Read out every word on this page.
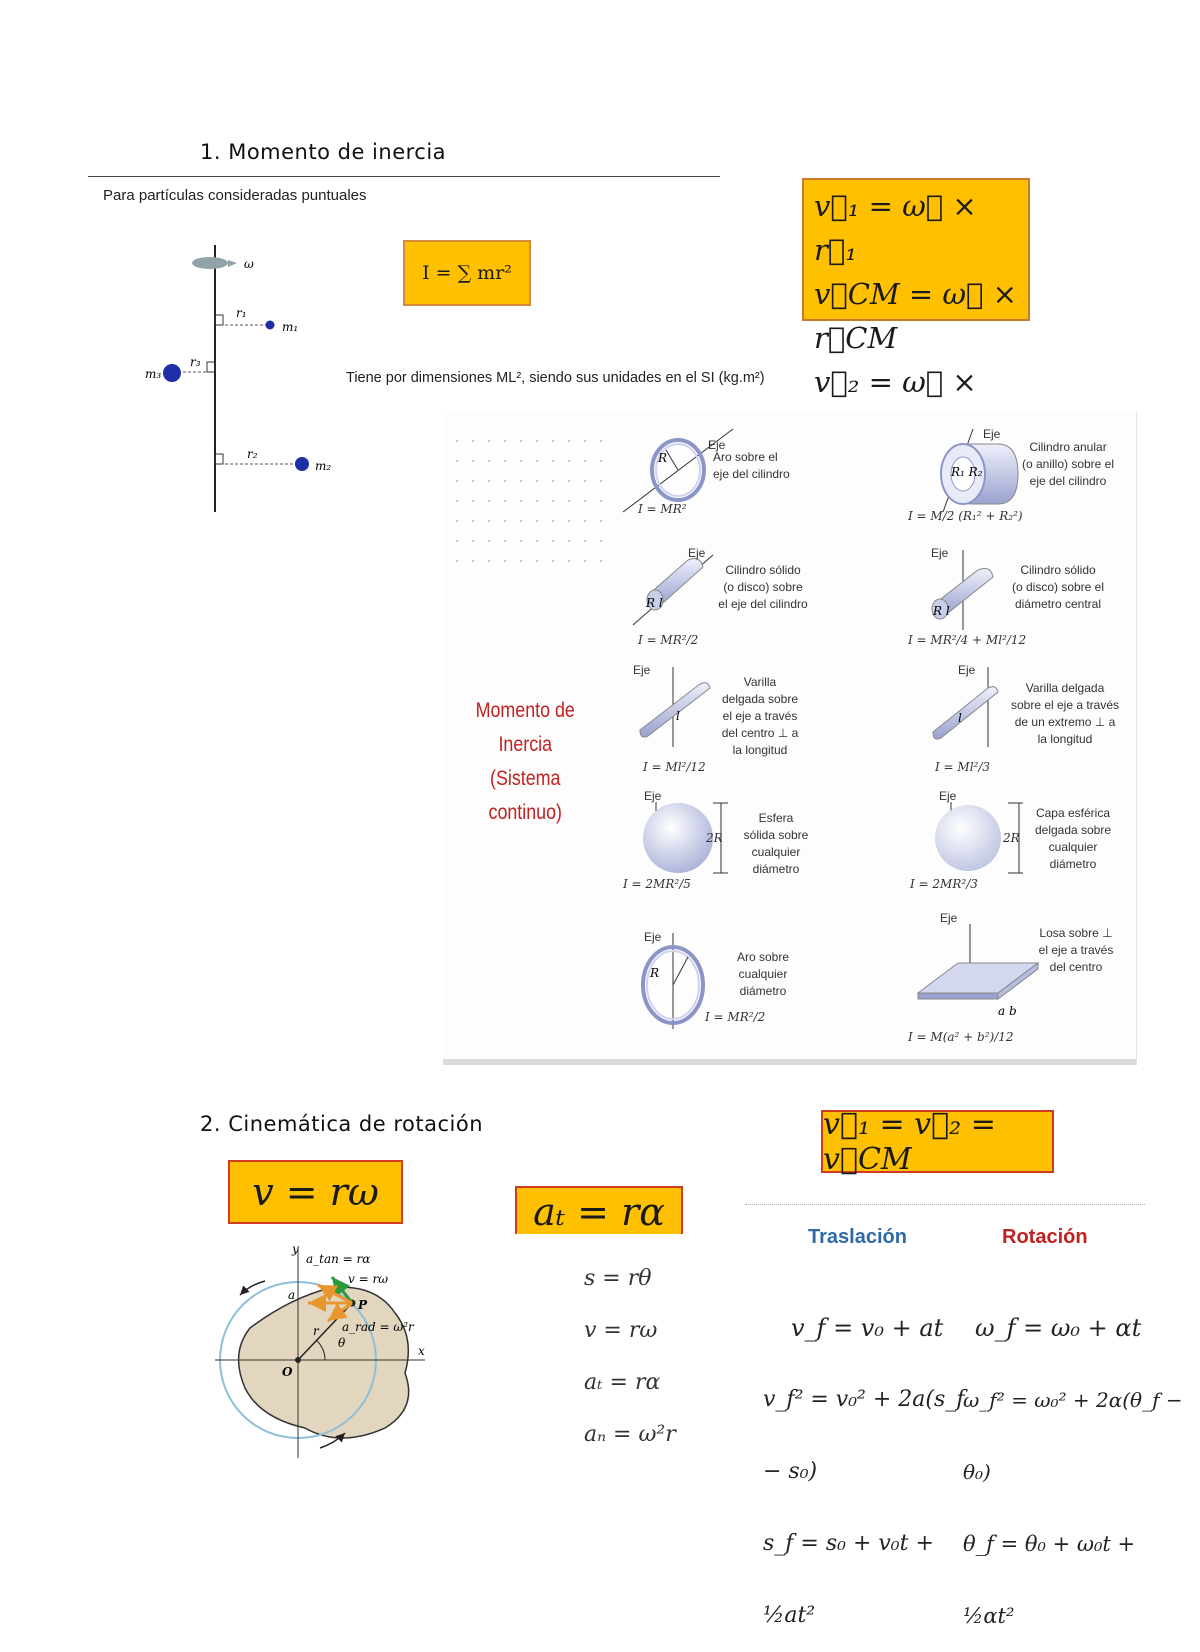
1. Momento de inercia
Para partículas consideradas puntuales
ω
r₁
m₁
r₃
m₃
r₂
m₂
I = ∑ mr²
Tiene por dimensiones ML², siendo sus unidades en el SI (kg.m²)
v⃗₁ = ω⃗ × r⃗₁
v⃗CM = ω⃗ × r⃗CM
v⃗₂ = ω⃗ ×
Momento de Inercia
(Sistema continuo)
R
Eje
Aro sobre el
eje del cilindro
I = MR²
R₁ R₂
Eje
Cilindro anular
(o anillo) sobre el
eje del cilindro
I = M/2 (R₁² + R₂²)
R l
Eje
Cilindro sólido
(o disco) sobre
el eje del cilindro
I = MR²/2
R l
Eje
Cilindro sólido
(o disco) sobre el
diámetro central
I = MR²/4 + Ml²/12
l
Eje
Varilla
delgada sobre
el eje a través
del centro ⊥ a
la longitud
I = Ml²/12
l
Eje
Varilla delgada
sobre el eje a través
de un extremo ⊥ a
la longitud
I = Ml²/3
Eje
2R
Esfera
sólida sobre
cualquier
diámetro
I = 2MR²/5
Eje
2R
Capa esférica
delgada sobre
cualquier
diámetro
I = 2MR²/3
Eje
R
Aro sobre
cualquier
diámetro
I = MR²/2
Eje
a b
Losa sobre ⊥
el eje a través
del centro
I = M(a² + b²)/12
2. Cinemática de rotación
v = rω	aₜ = rα
v⃗₁ = v⃗₂ = v⃗CM
x
y
O
P
r
θ
a_tan = rα
v = rω
a_rad = ω²r
a
s = rθ
v = rω
aₜ = rα
aₙ = ω²r
Traslación	Rotación
v_f = v₀ + at
v_f² = v₀² + 2a(s_f − s₀)
s_f = s₀ + v₀t + ½at²
ω_f = ω₀ + αt
ω_f² = ω₀² + 2α(θ_f − θ₀)
θ_f = θ₀ + ω₀t + ½αt²
